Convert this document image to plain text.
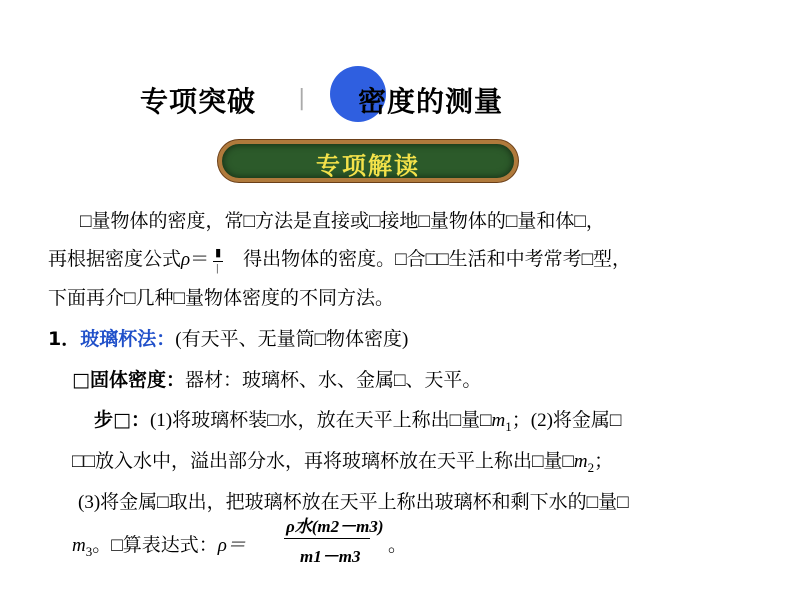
专项突破 | 密度的测量
专项解读
□量物体的密度，常□方法是直接或□接地□量物体的□量和体□，
再根据密度公式ρ＝ ▮
| 得出物体的密度。□合□□生活和中考常考□型，
下面再介□几种□量物体密度的不同方法。
1．玻璃杯法：(有天平、无量筒□物体密度)
□固体密度：器材：玻璃杯、水、金属□、天平。
步□：(1)将玻璃杯装□水，放在天平上称出□量$□m_1$；(2)将金属□
□□放入水中，溢出部分水，再将玻璃杯放在天平上称出□量$□m_2$；
(3)将金属□取出，把玻璃杯放在天平上称出玻璃杯和剩下水的□量□
$m_3$。□算表达式：ρ＝
ρ水(m2－m3)
m1－m3
。
